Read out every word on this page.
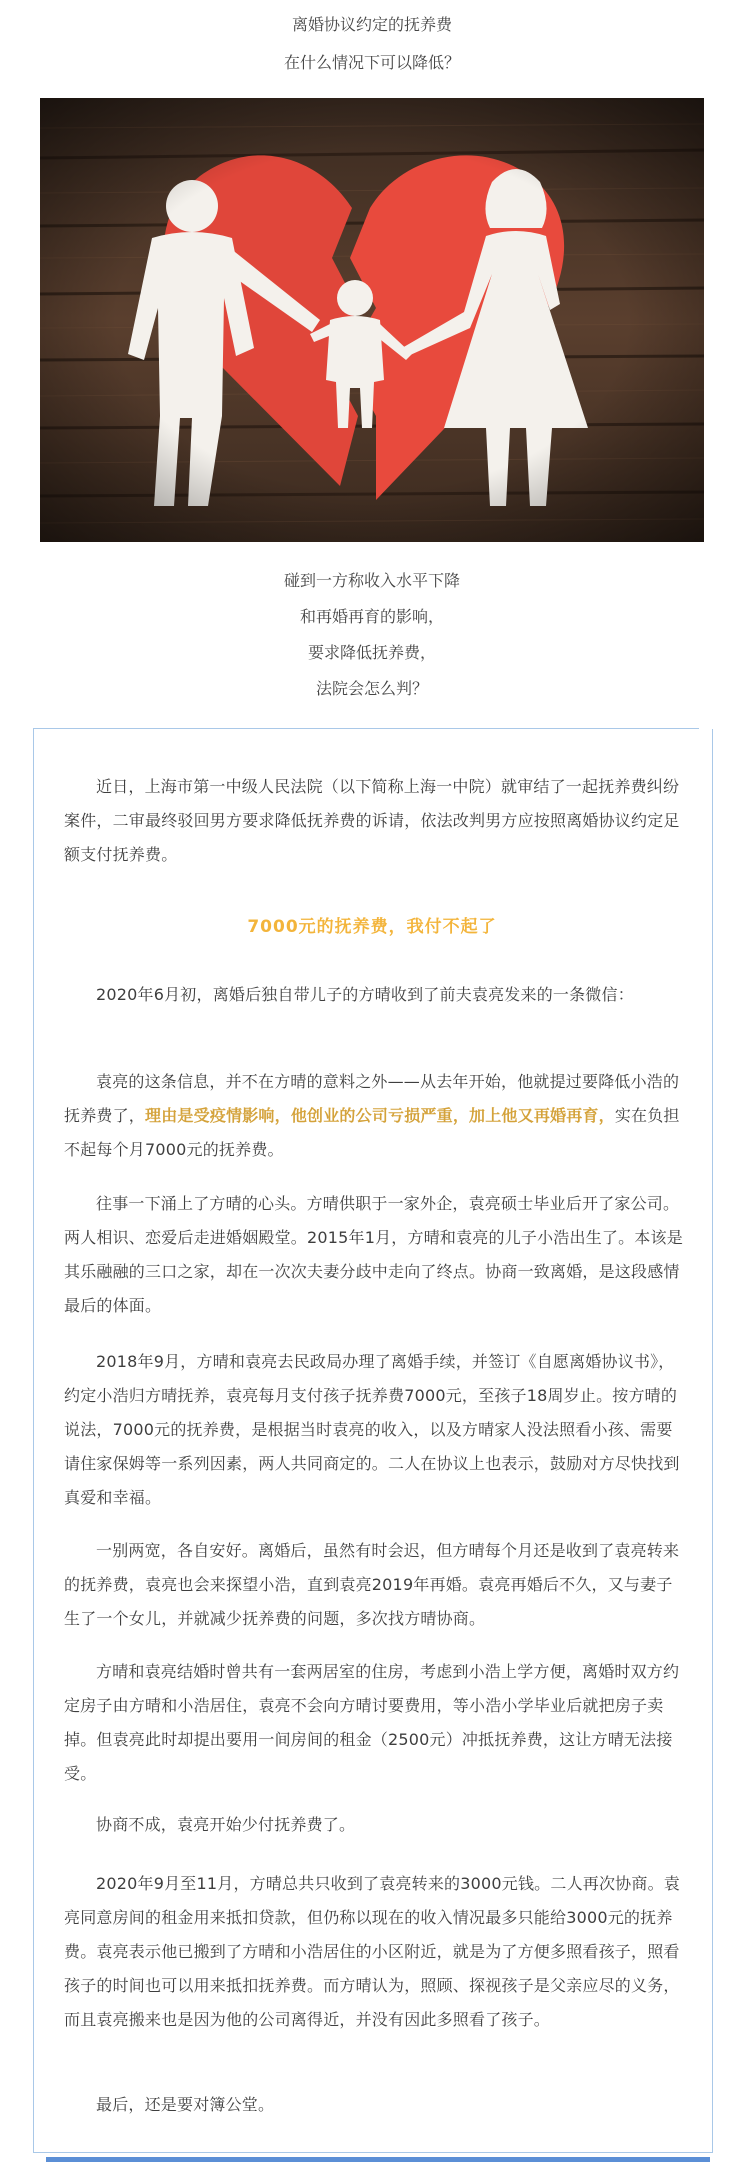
离婚协议约定的抚养费
在什么情况下可以降低？
碰到一方称收入水平下降
和再婚再育的影响，
要求降低抚养费，
法院会怎么判？

近日，上海市第一中级人民法院（以下简称上海一中院）就审结了一起抚养费纠纷案件，二审最终驳回男方要求降低抚养费的诉请，依法改判男方应按照离婚协议约定足额支付抚养费。

7000元的抚养费，我付不起了

2020年6月初，离婚后独自带儿子的方晴收到了前夫袁亮发来的一条微信：

袁亮的这条信息，并不在方晴的意料之外——从去年开始，他就提过要降低小浩的抚养费了，理由是受疫情影响，他创业的公司亏损严重，加上他又再婚再育，实在负担不起每个月7000元的抚养费。

往事一下涌上了方晴的心头。方晴供职于一家外企，袁亮硕士毕业后开了家公司。两人相识、恋爱后走进婚姻殿堂。2015年1月，方晴和袁亮的儿子小浩出生了。本该是其乐融融的三口之家，却在一次次夫妻分歧中走向了终点。协商一致离婚，是这段感情最后的体面。

2018年9月，方晴和袁亮去民政局办理了离婚手续，并签订《自愿离婚协议书》，约定小浩归方晴抚养，袁亮每月支付孩子抚养费7000元，至孩子18周岁止。按方晴的说法，7000元的抚养费，是根据当时袁亮的收入，以及方晴家人没法照看小孩、需要请住家保姆等一系列因素，两人共同商定的。二人在协议上也表示，鼓励对方尽快找到真爱和幸福。

一别两宽，各自安好。离婚后，虽然有时会迟，但方晴每个月还是收到了袁亮转来的抚养费，袁亮也会来探望小浩，直到袁亮2019年再婚。袁亮再婚后不久，又与妻子生了一个女儿，并就减少抚养费的问题，多次找方晴协商。

方晴和袁亮结婚时曾共有一套两居室的住房，考虑到小浩上学方便，离婚时双方约定房子由方晴和小浩居住，袁亮不会向方晴讨要费用，等小浩小学毕业后就把房子卖掉。但袁亮此时却提出要用一间房间的租金（2500元）冲抵抚养费，这让方晴无法接受。

协商不成，袁亮开始少付抚养费了。

2020年9月至11月，方晴总共只收到了袁亮转来的3000元钱。二人再次协商。袁亮同意房间的租金用来抵扣贷款，但仍称以现在的收入情况最多只能给3000元的抚养费。袁亮表示他已搬到了方晴和小浩居住的小区附近，就是为了方便多照看孩子，照看孩子的时间也可以用来抵扣抚养费。而方晴认为，照顾、探视孩子是父亲应尽的义务，而且袁亮搬来也是因为他的公司离得近，并没有因此多照看了孩子。

最后，还是要对簿公堂。
